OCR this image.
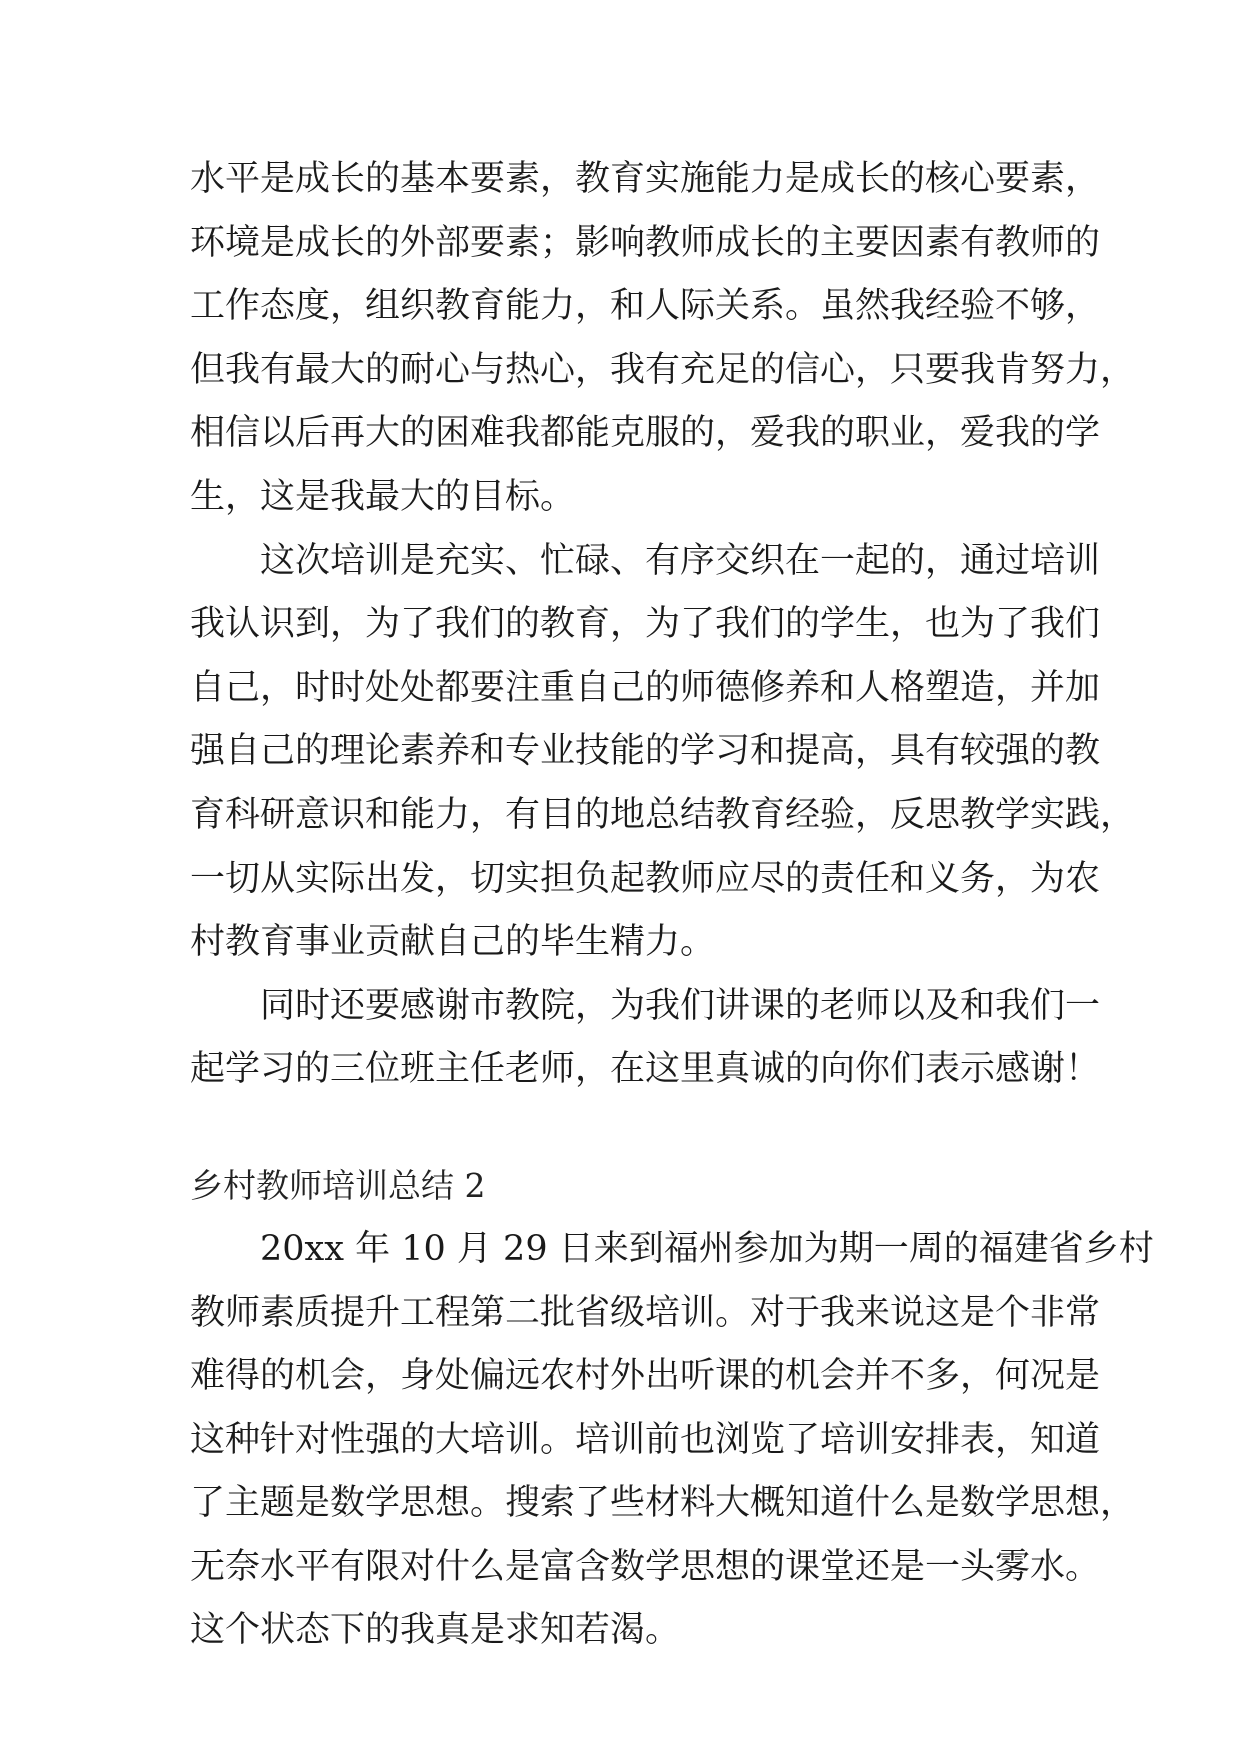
水平是成长的基本要素，教育实施能力是成长的核心要素，
环境是成长的外部要素；影响教师成长的主要因素有教师的
工作态度，组织教育能力，和人际关系。虽然我经验不够，
但我有最大的耐心与热心，我有充足的信心，只要我肯努力，
相信以后再大的困难我都能克服的，爱我的职业，爱我的学
生，这是我最大的目标。
这次培训是充实、忙碌、有序交织在一起的，通过培训
我认识到，为了我们的教育，为了我们的学生，也为了我们
自己，时时处处都要注重自己的师德修养和人格塑造，并加
强自己的理论素养和专业技能的学习和提高，具有较强的教
育科研意识和能力，有目的地总结教育经验，反思教学实践，
一切从实际出发，切实担负起教师应尽的责任和义务，为农
村教育事业贡献自己的毕生精力。
同时还要感谢市教院，为我们讲课的老师以及和我们一
起学习的三位班主任老师，在这里真诚的向你们表示感谢！
乡村教师培训总结 2
20xx 年 10 月 29 日来到福州参加为期一周的福建省乡村
教师素质提升工程第二批省级培训。对于我来说这是个非常
难得的机会，身处偏远农村外出听课的机会并不多，何况是
这种针对性强的大培训。培训前也浏览了培训安排表，知道
了主题是数学思想。搜索了些材料大概知道什么是数学思想，
无奈水平有限对什么是富含数学思想的课堂还是一头雾水。
这个状态下的我真是求知若渴。
